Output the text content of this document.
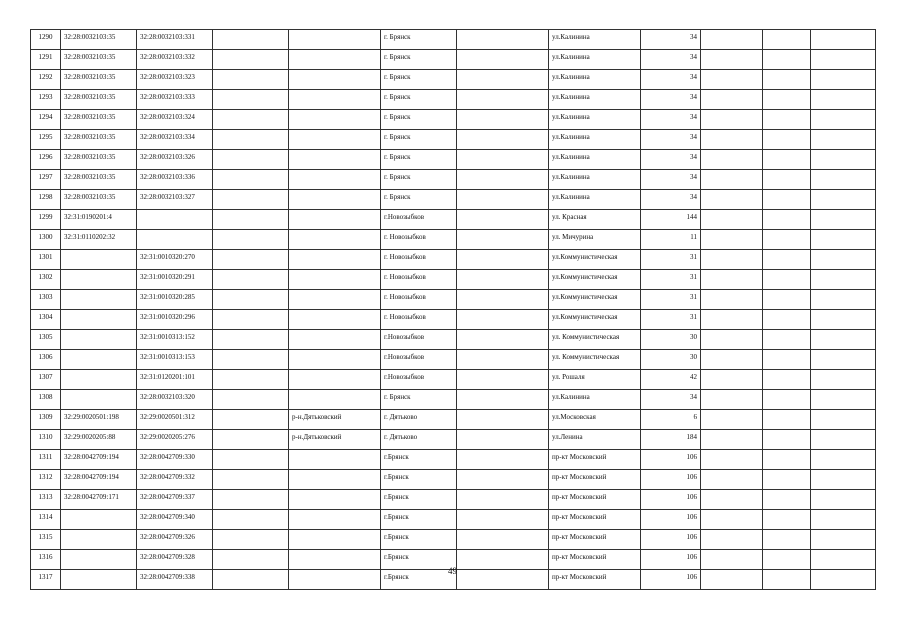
1290	32:28:0032103:35	32:28:0032103:331			г. Брянск		ул.Калинина	34			
1291	32:28:0032103:35	32:28:0032103:332			г. Брянск		ул.Калинина	34			
1292	32:28:0032103:35	32:28:0032103:323			г. Брянск		ул.Калинина	34			
1293	32:28:0032103:35	32:28:0032103:333			г. Брянск		ул.Калинина	34			
1294	32:28:0032103:35	32:28:0032103:324			г. Брянск		ул.Калинина	34			
1295	32:28:0032103:35	32:28:0032103:334			г. Брянск		ул.Калинина	34			
1296	32:28:0032103:35	32:28:0032103:326			г. Брянск		ул.Калинина	34			
1297	32:28:0032103:35	32:28:0032103:336			г. Брянск		ул.Калинина	34			
1298	32:28:0032103:35	32:28:0032103:327			г. Брянск		ул.Калинина	34			
1299	32:31:0190201:4				г.Новозыбков		ул. Красная	144			
1300	32:31:0110202:32				г. Новозыбков		ул. Мичурина	11			
1301		32:31:0010320:270			г. Новозыбков		ул.Коммунистическая	31			
1302		32:31:0010320:291			г. Новозыбков		ул.Коммунистическая	31			
1303		32:31:0010320:285			г. Новозыбков		ул.Коммунистическая	31			
1304		32:31:0010320:296			г. Новозыбков		ул.Коммунистическая	31			
1305		32:31:0010313:152			г.Новозыбков		ул. Коммунистическая	30			
1306		32:31:0010313:153			г.Новозыбков		ул. Коммунистическая	30			
1307		32:31:0120201:101			г.Новозыбков		ул. Рошаля	42			
1308		32:28:0032103:320			г. Брянск		ул.Калинина	34			
1309	32:29:0020501:198	32:29:0020501:312		р-н.Дятьковский	г. Дятьково		ул.Московская	6			
1310	32:29:0020205:88	32:29:0020205:276		р-н.Дятьковский	г. Дятьково		ул.Ленина	184			
1311	32:28:0042709:194	32:28:0042709:330			г.Брянск		пр-кт Московский	106			
1312	32:28:0042709:194	32:28:0042709:332			г.Брянск		пр-кт Московский	106			
1313	32:28:0042709:171	32:28:0042709:337			г.Брянск		пр-кт Московский	106			
1314		32:28:0042709:340			г.Брянск		пр-кт Московский	106			
1315		32:28:0042709:326			г.Брянск		пр-кт Московский	106			
1316		32:28:0042709:328			г.Брянск		пр-кт Московский	106			
1317		32:28:0042709:338			г.Брянск		пр-кт Московский	106			
49
